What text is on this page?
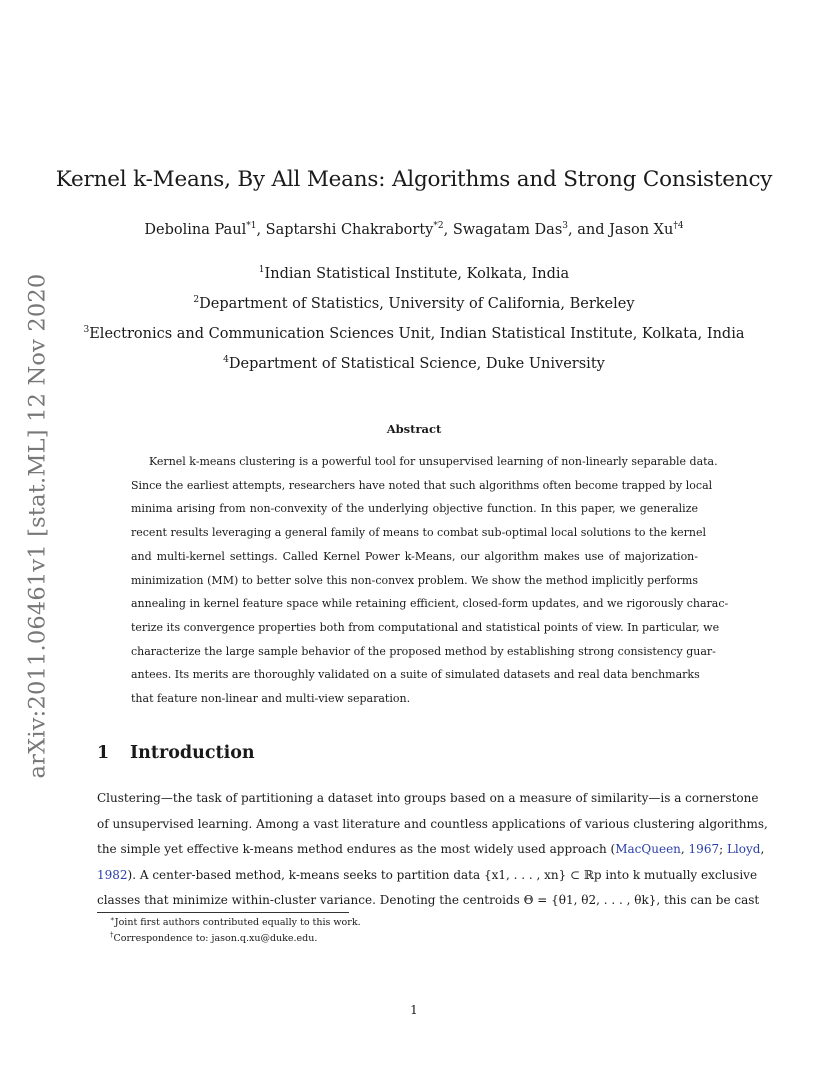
arXiv:2011.06461v1 [stat.ML] 12 Nov 2020
Kernel k-Means, By All Means: Algorithms and Strong Consistency
Debolina Paul$^{*1}$, Saptarshi Chakraborty$^{*2}$, Swagatam Das$^3$, and Jason Xu$^{\dagger 4}$
$^1$Indian Statistical Institute, Kolkata, India
$^2$Department of Statistics, University of California, Berkeley
$^3$Electronics and Communication Sciences Unit, Indian Statistical Institute, Kolkata, India
$^4$Department of Statistical Science, Duke University
Abstract
Kernel k-means clustering is a powerful tool for unsupervised learning of non-linearly separable data.
Since the earliest attempts, researchers have noted that such algorithms often become trapped by local
minima arising from non-convexity of the underlying objective function. In this paper, we generalize
recent results leveraging a general family of means to combat sub-optimal local solutions to the kernel
and multi-kernel settings. Called Kernel Power k-Means, our algorithm makes use of majorization-
minimization (MM) to better solve this non-convex problem. We show the method implicitly performs
annealing in kernel feature space while retaining efficient, closed-form updates, and we rigorously charac-
terize its convergence properties both from computational and statistical points of view. In particular, we
characterize the large sample behavior of the proposed method by establishing strong consistency guar-
antees. Its merits are thoroughly validated on a suite of simulated datasets and real data benchmarks
that feature non-linear and multi-view separation.
1 Introduction
Clustering—the task of partitioning a dataset into groups based on a measure of similarity—is a cornerstone
of unsupervised learning. Among a vast literature and countless applications of various clustering algorithms,
the simple yet effective k-means method endures as the most widely used approach (MacQueen, 1967; Lloyd,
1982). A center-based method, k-means seeks to partition data {x1, . . . , xn} ⊂ ℝp into k mutually exclusive
classes that minimize within-cluster variance. Denoting the centroids Θ = {θ1, θ2, . . . , θk}, this can be cast
∗Joint first authors contributed equally to this work.
†Correspondence to: jason.q.xu@duke.edu.
1
